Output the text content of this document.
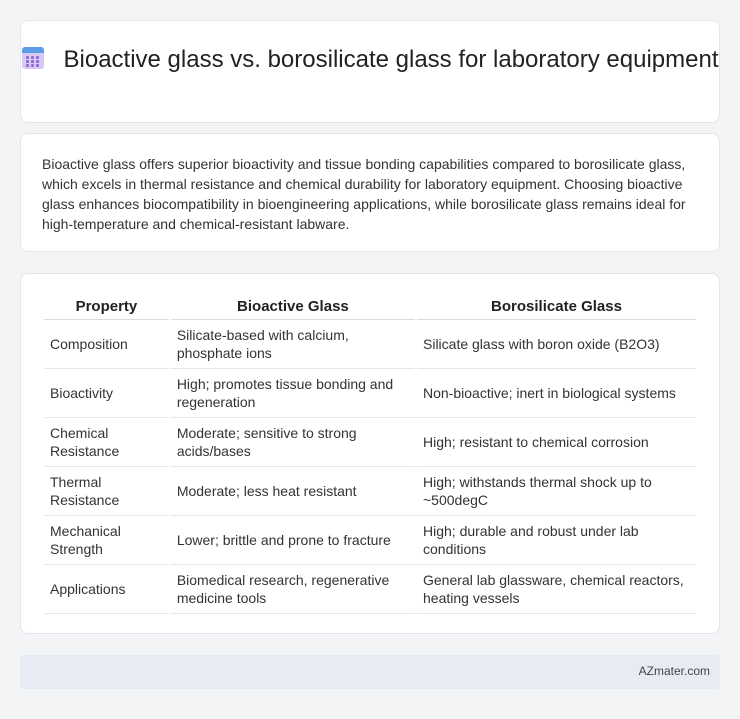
Bioactive glass vs. borosilicate glass for laboratory equipment

Bioactive glass offers superior bioactivity and tissue bonding capabilities compared to borosilicate glass, which excels in thermal resistance and chemical durability for laboratory equipment. Choosing bioactive glass enhances biocompatibility in bioengineering applications, while borosilicate glass remains ideal for high-temperature and chemical-resistant labware.

Property	Bioactive Glass	Borosilicate Glass
Composition	Silicate-based with calcium, phosphate ions	Silicate glass with boron oxide (B2O3)
Bioactivity	High; promotes tissue bonding and regeneration	Non-bioactive; inert in biological systems
Chemical Resistance	Moderate; sensitive to strong acids/bases	High; resistant to chemical corrosion
Thermal Resistance	Moderate; less heat resistant	High; withstands thermal shock up to ~500degC
Mechanical Strength	Lower; brittle and prone to fracture	High; durable and robust under lab conditions
Applications	Biomedical research, regenerative medicine tools	General lab glassware, chemical reactors, heating vessels
AZmater.com
